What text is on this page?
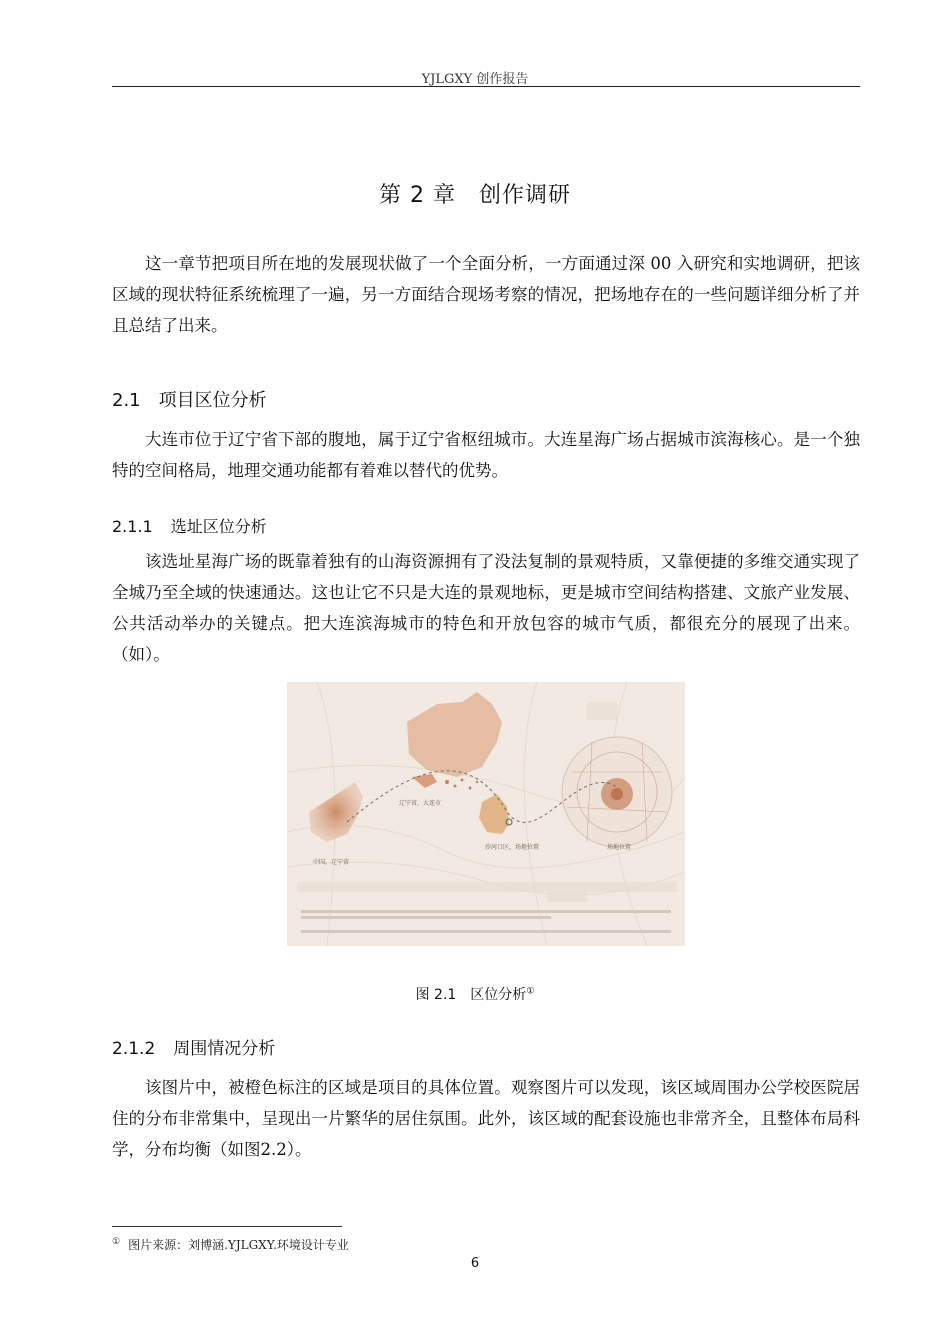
YJLGXY 创作报告
第 2 章　创作调研

这一章节把项目所在地的发展现状做了一个全面分析，一方面通过深 00 入研究和实地调研，把该区域的现状特征系统梳理了一遍，另一方面结合现场考察的情况，把场地存在的一些问题详细分析了并且总结了出来。

2.1 项目区位分析

大连市位于辽宁省下部的腹地，属于辽宁省枢纽城市。大连星海广场占据城市滨海核心。是一个独特的空间格局，地理交通功能都有着难以替代的优势。

2.1.1 选址区位分析

该选址星海广场的既靠着独有的山海资源拥有了没法复制的景观特质，又靠便捷的多维交通实现了全城乃至全域的快速通达。这也让它不只是大连的景观地标，更是城市空间结构搭建、文旅产业发展、公共活动举办的关键点。把大连滨海城市的特色和开放包容的城市气质，都很充分的展现了出来。（如）。

中国，辽宁省
辽宁省，大连市
沙河口区，场地位置	场地位置
图 2.1　区位分析①
2.1.2 周围情况分析

该图片中，被橙色标注的区域是项目的具体位置。观察图片可以发现，该区域周围办公学校医院居住的分布非常集中，呈现出一片繁华的居住氛围。此外，该区域的配套设施也非常齐全，且整体布局科学，分布均衡（如图2.2）。

① 图片来源：刘博涵.YJLGXY.环境设计专业
6
